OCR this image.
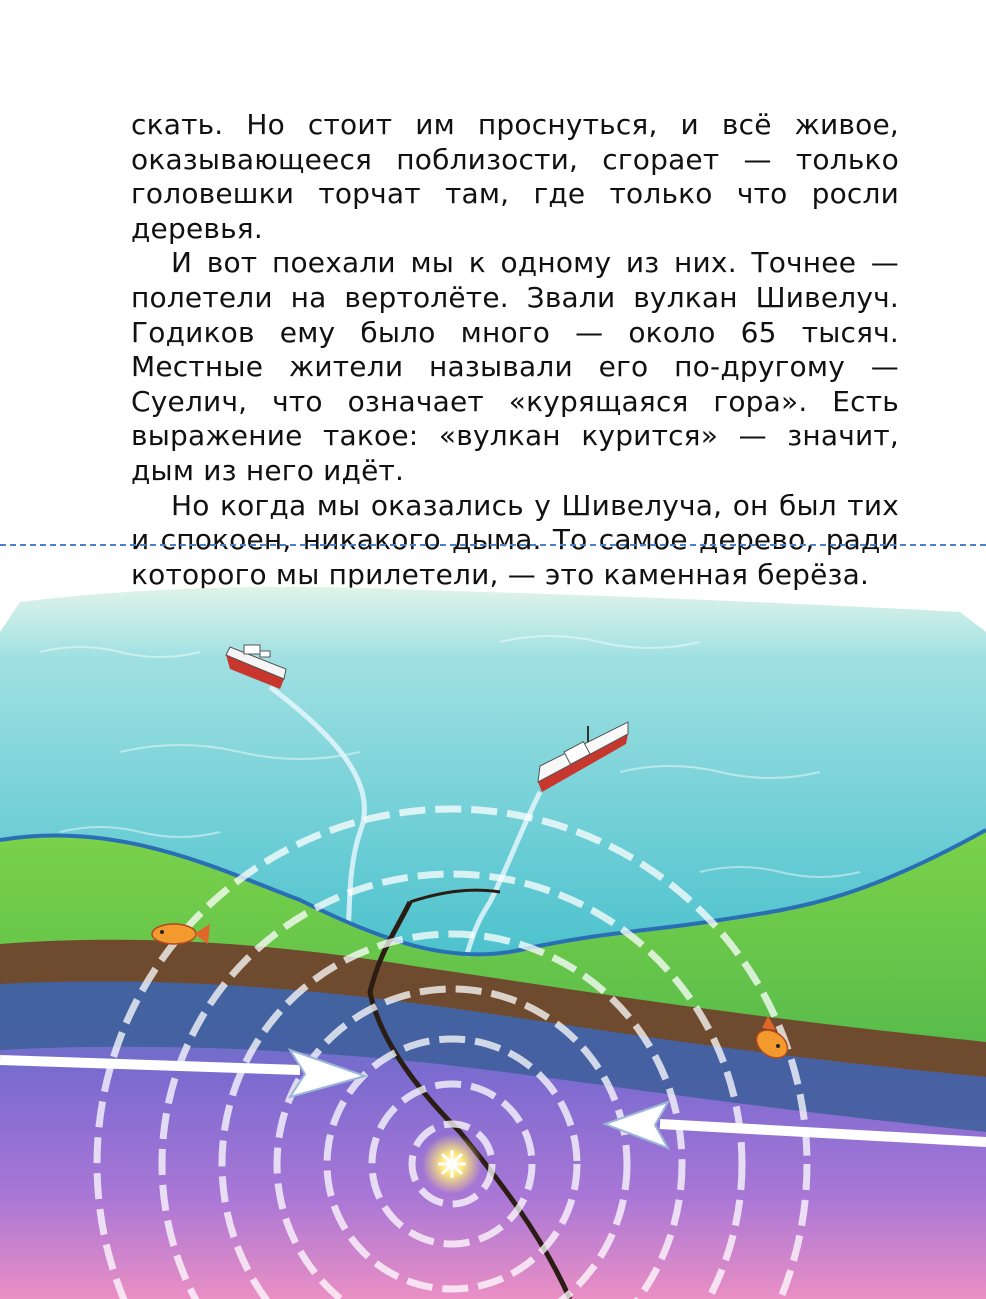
скать. Но стоит им проснуться, и всё живое, оказывающееся поблизости, сгорает — только головешки торчат там, где только что росли деревья.

И вот поехали мы к одному из них. Точнее — полетели на вертолёте. Звали вулкан Шивелуч. Годиков ему было много — около 65 тысяч. Местные жители называли его по-другому — Суелич, что означает «курящаяся гора». Есть выражение такое: «вулкан курится» — значит, дым из него идёт.

Но когда мы оказались у Шивелуча, он был тих и спокоен, никакого дыма. То самое дерево, ради которого мы прилетели, — это каменная берёза.
